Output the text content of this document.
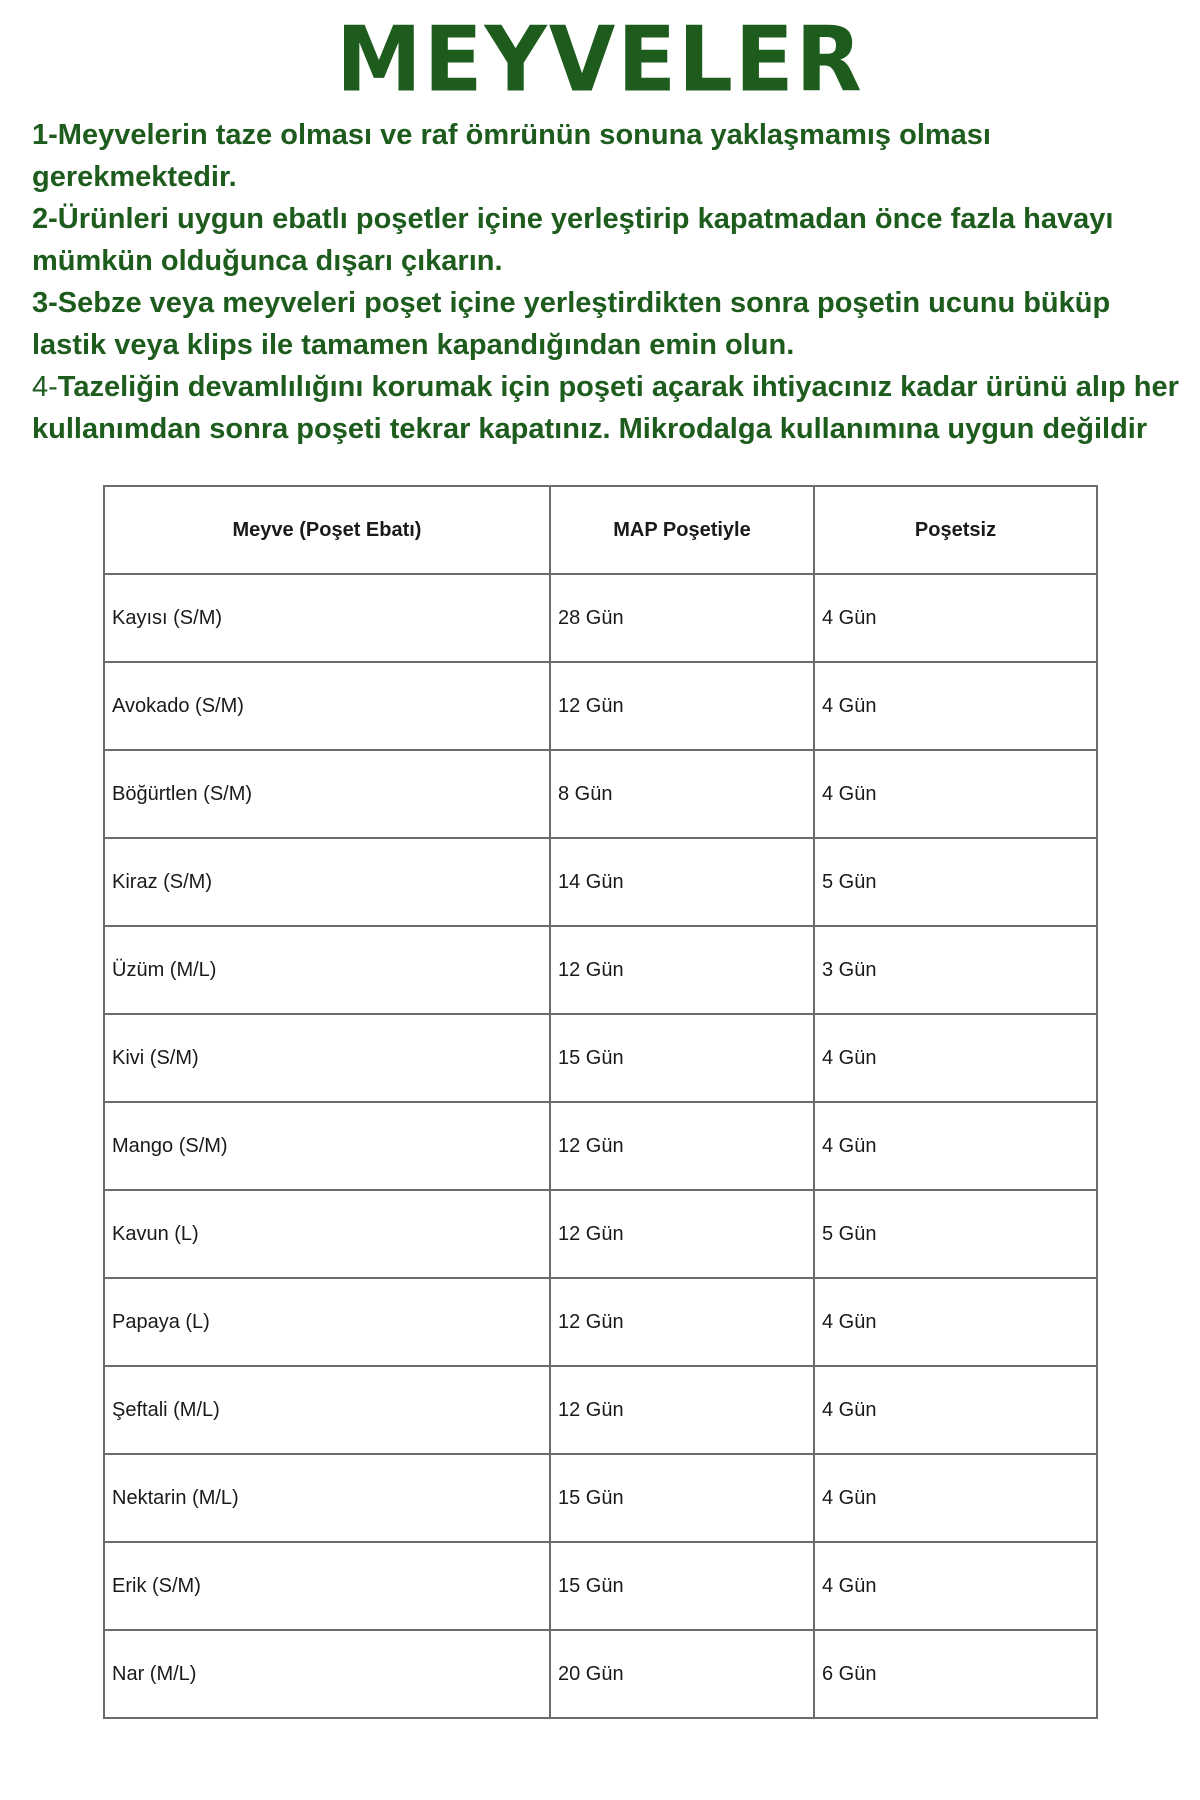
MEYVELER

1-Meyvelerin taze olması ve raf ömrünün sonuna yaklaşmamış olması gerekmektedir.

2-Ürünleri uygun ebatlı poşetler içine yerleştirip kapatmadan önce fazla havayı mümkün olduğunca dışarı çıkarın.

3-Sebze veya meyveleri poşet içine yerleştirdikten sonra poşetin ucunu büküp lastik veya klips ile tamamen kapandığından emin olun.

4-Tazeliğin devamlılığını korumak için poşeti açarak ihtiyacınız kadar ürünü alıp her kullanımdan sonra poşeti tekrar kapatınız. Mikrodalga kullanımına uygun değildir

Meyve (Poşet Ebatı)	MAP Poşetiyle	Poşetsiz
Kayısı (S/M)	28 Gün	4 Gün
Avokado (S/M)	12 Gün	4 Gün
Böğürtlen (S/M)	8 Gün	4 Gün
Kiraz (S/M)	14 Gün	5 Gün
Üzüm (M/L)	12 Gün	3 Gün
Kivi (S/M)	15 Gün	4 Gün
Mango (S/M)	12 Gün	4 Gün
Kavun (L)	12 Gün	5 Gün
Papaya (L)	12 Gün	4 Gün
Şeftali (M/L)	12 Gün	4 Gün
Nektarin (M/L)	15 Gün	4 Gün
Erik (S/M)	15 Gün	4 Gün
Nar (M/L)	20 Gün	6 Gün
